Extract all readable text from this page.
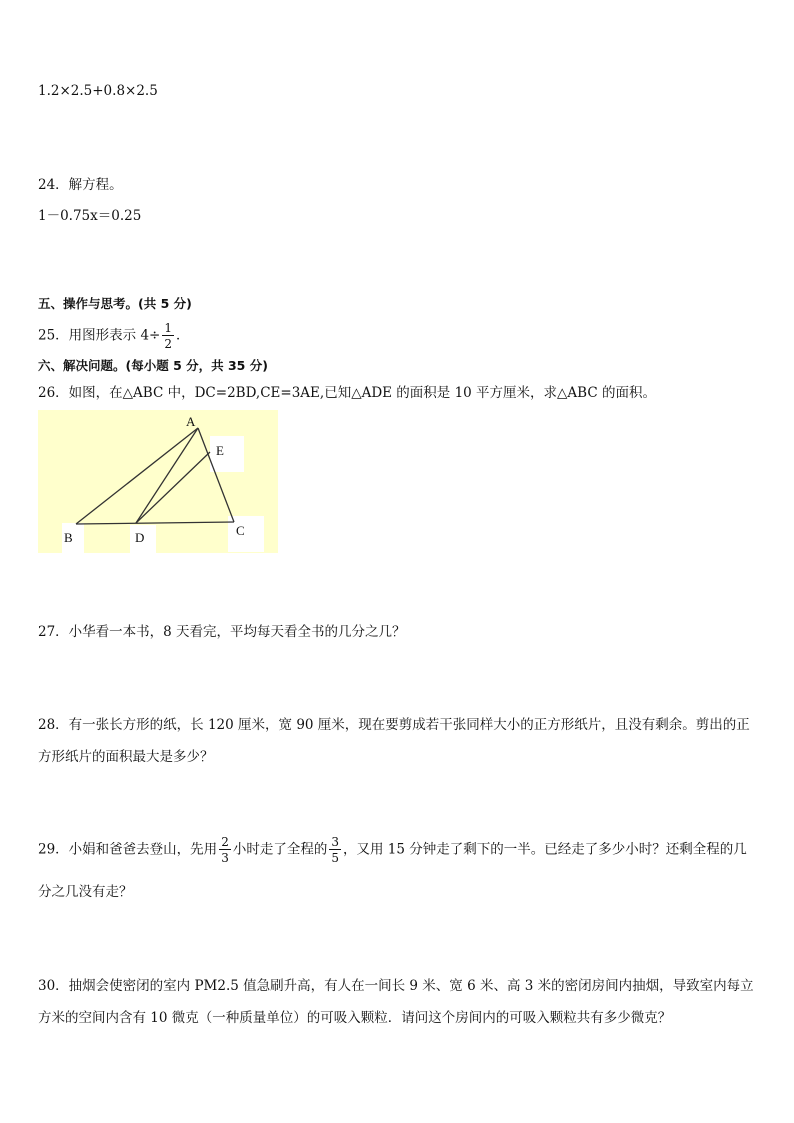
1.2×2.5+0.8×2.5
24．解方程。
1－0.75x＝0.25
五、操作与思考。(共 5 分)
25．用图形表示 $4\div \frac{1}{2}$ ．
六、解决问题。(每小题 5 分，共 35 分)
26．如图，在△ABC 中，DC=2BD,CE=3AE,已知△ADE 的面积是 10 平方厘米，求△ABC 的面积。
A
B	D	C
E
27．小华看一本书，8 天看完，平均每天看全书的几分之几？
28．有一张长方形的纸，长 120 厘米，宽 90 厘米，现在要剪成若干张同样大小的正方形纸片，且没有剩余。剪出的正
方形纸片的面积最大是多少？
29．小娟和爸爸去登山，先用 $\frac{2}{3}$ 小时走了全程的 $\frac{3}{5}$ ，又用 15 分钟走了剩下的一半。已经走了多少小时？还剩全程的几
分之几没有走？
30．抽烟会使密闭的室内 PM2.5 值急刷升高，有人在一间长 9 米、宽 6 米、高 3 米的密闭房间内抽烟，导致室内每立
方米的空间内含有 10 微克（一种质量单位）的可吸入颗粒．请问这个房间内的可吸入颗粒共有多少微克？
